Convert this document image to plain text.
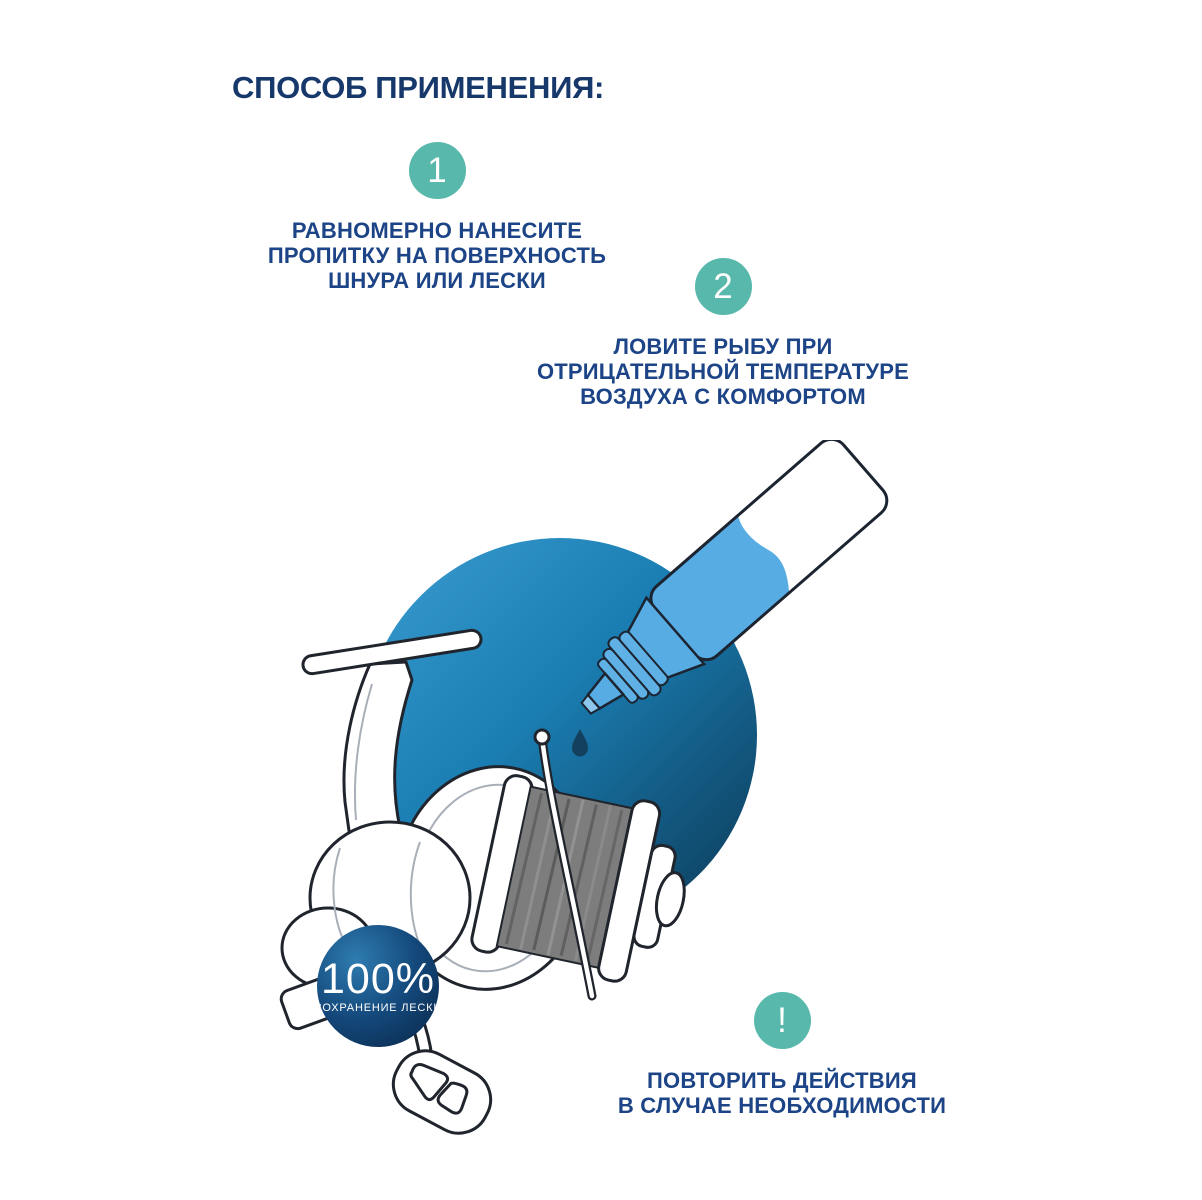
СПОСОБ ПРИМЕНЕНИЯ:
1
РАВНОМЕРНО НАНЕСИТЕ
ПРОПИТКУ НА ПОВЕРХНОСТЬ
ШНУРА ИЛИ ЛЕСКИ	2
ЛОВИТЕ РЫБУ ПРИ
ОТРИЦАТЕЛЬНОЙ ТЕМПЕРАТУРЕ
ВОЗДУХА С КОМФОРТОМ
!
ПОВТОРИТЬ ДЕЙСТВИЯ
В СЛУЧАЕ НЕОБХОДИМОСТИ
100%
СОХРАНЕНИЕ ЛЕСКИ
